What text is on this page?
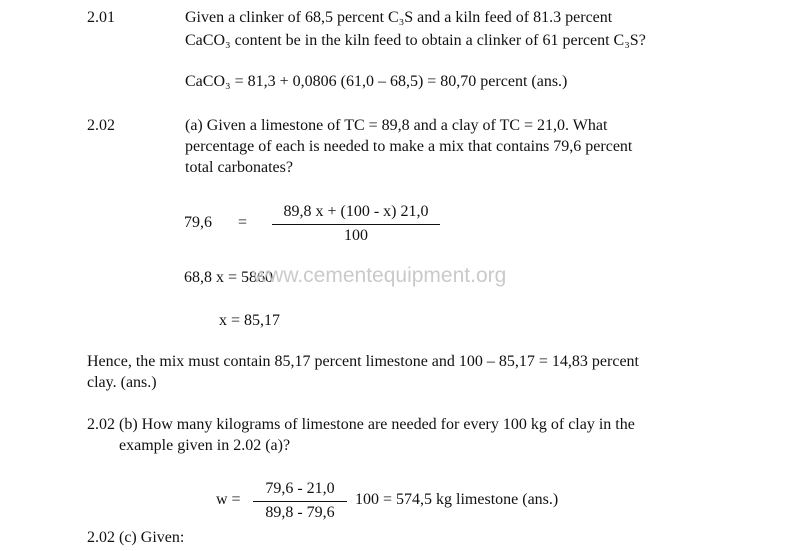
2.01	Given a clinker of 68,5 percent C₃S and a kiln feed of 81.3 percent
CaCO₃ content be in the kiln feed to obtain a clinker of 61 percent C₃S?
CaCO₃ = 81,3 + 0,0806 (61,0 – 68,5) = 80,70 percent (ans.)
2.02	(a) Given a limestone of TC = 89,8 and a clay of TC = 21,0. What
percentage of each is needed to make a mix that contains 79,6 percent
total carbonates?
79,6 =
89,8 x + (100 - x) 21,0
100
68,8 x = 5860
www.cementequipment.org
x = 85,17
Hence, the mix must contain 85,17 percent limestone and 100 – 85,17 = 14,83 percent
clay. (ans.)
2.02 (b) How many kilograms of limestone are needed for every 100 kg of clay in the
example given in 2.02 (a)?
w =
79,6 - 21,0
89,8 - 79,6
100 = 574,5 kg limestone (ans.)
2.02 (c) Given:
